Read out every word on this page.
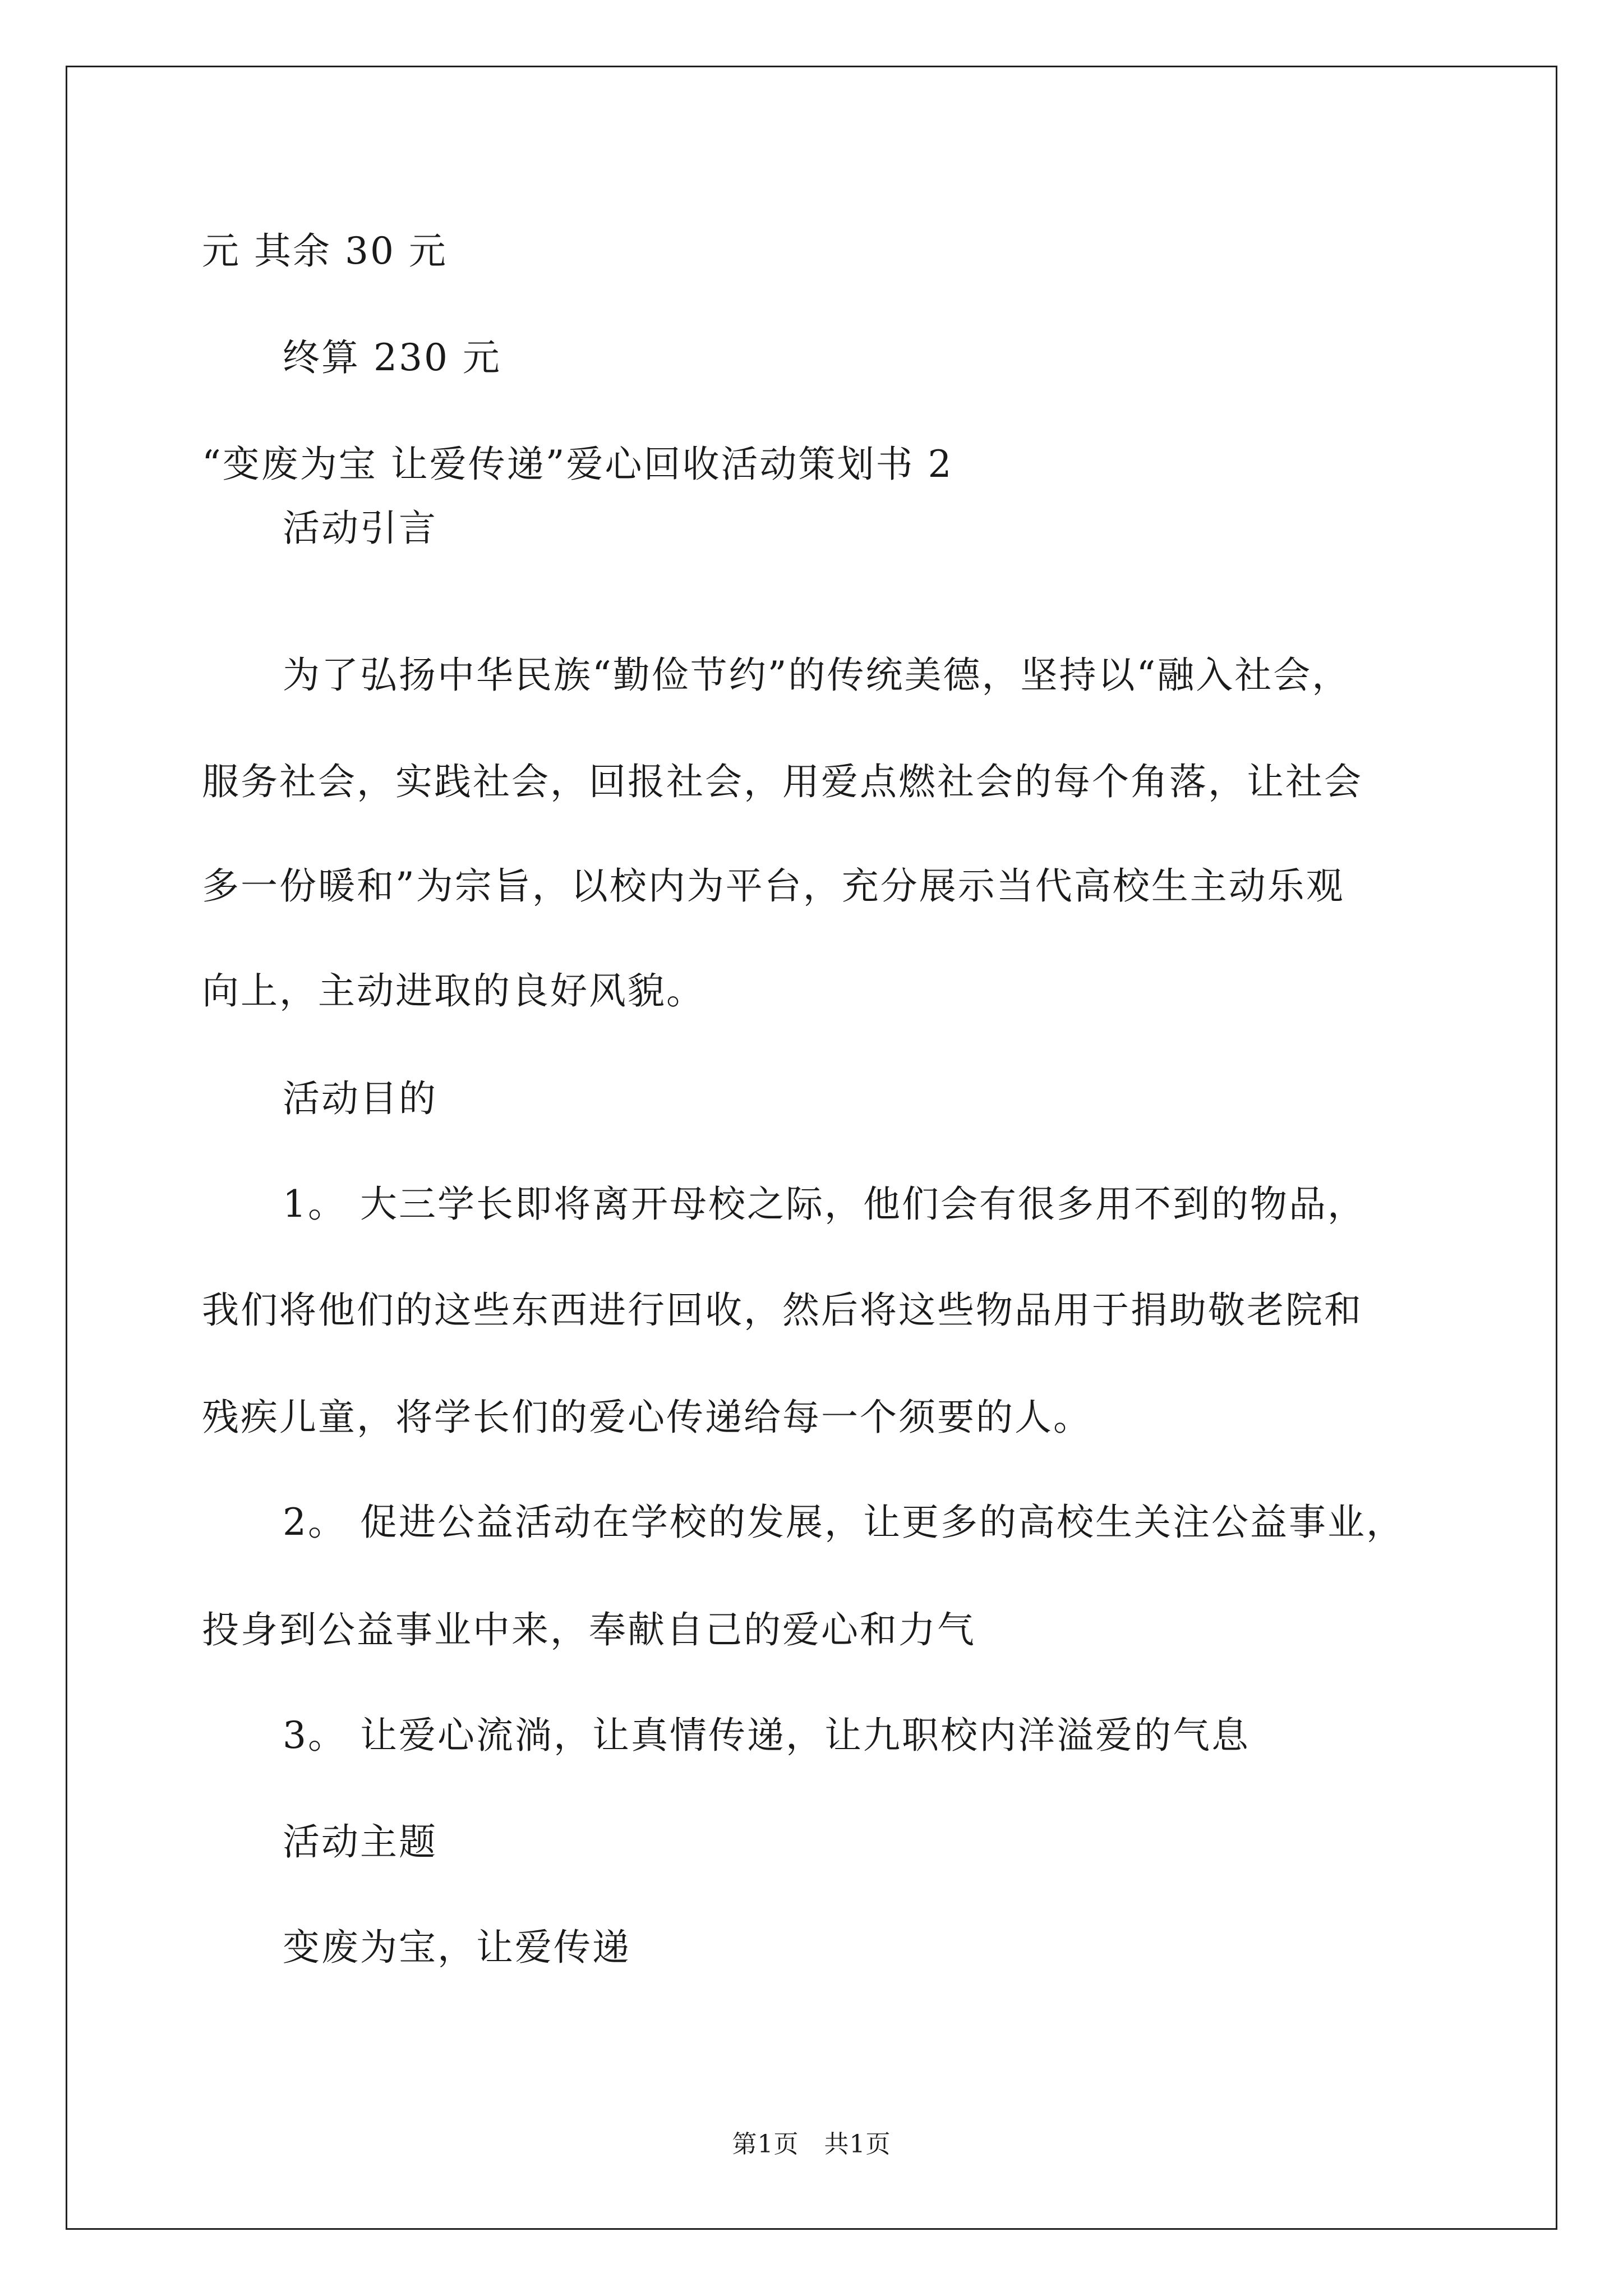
元 其余 30 元
终算 230 元
“变废为宝 让爱传递”爱心回收活动策划书 2
活动引言
为了弘扬中华民族“勤俭节约”的传统美德，坚持以“融入社会，
服务社会，实践社会，回报社会，用爱点燃社会的每个角落，让社会
多一份暖和”为宗旨，以校内为平台，充分展示当代高校生主动乐观
向上，主动进取的良好风貌。
活动目的
1。 大三学长即将离开母校之际，他们会有很多用不到的物品，
我们将他们的这些东西进行回收，然后将这些物品用于捐助敬老院和
残疾儿童，将学长们的爱心传递给每一个须要的人。
2。 促进公益活动在学校的发展，让更多的高校生关注公益事业，
投身到公益事业中来，奉献自己的爱心和力气
3。 让爱心流淌，让真情传递，让九职校内洋溢爱的气息
活动主题
变废为宝，让爱传递
第1页　共1页
